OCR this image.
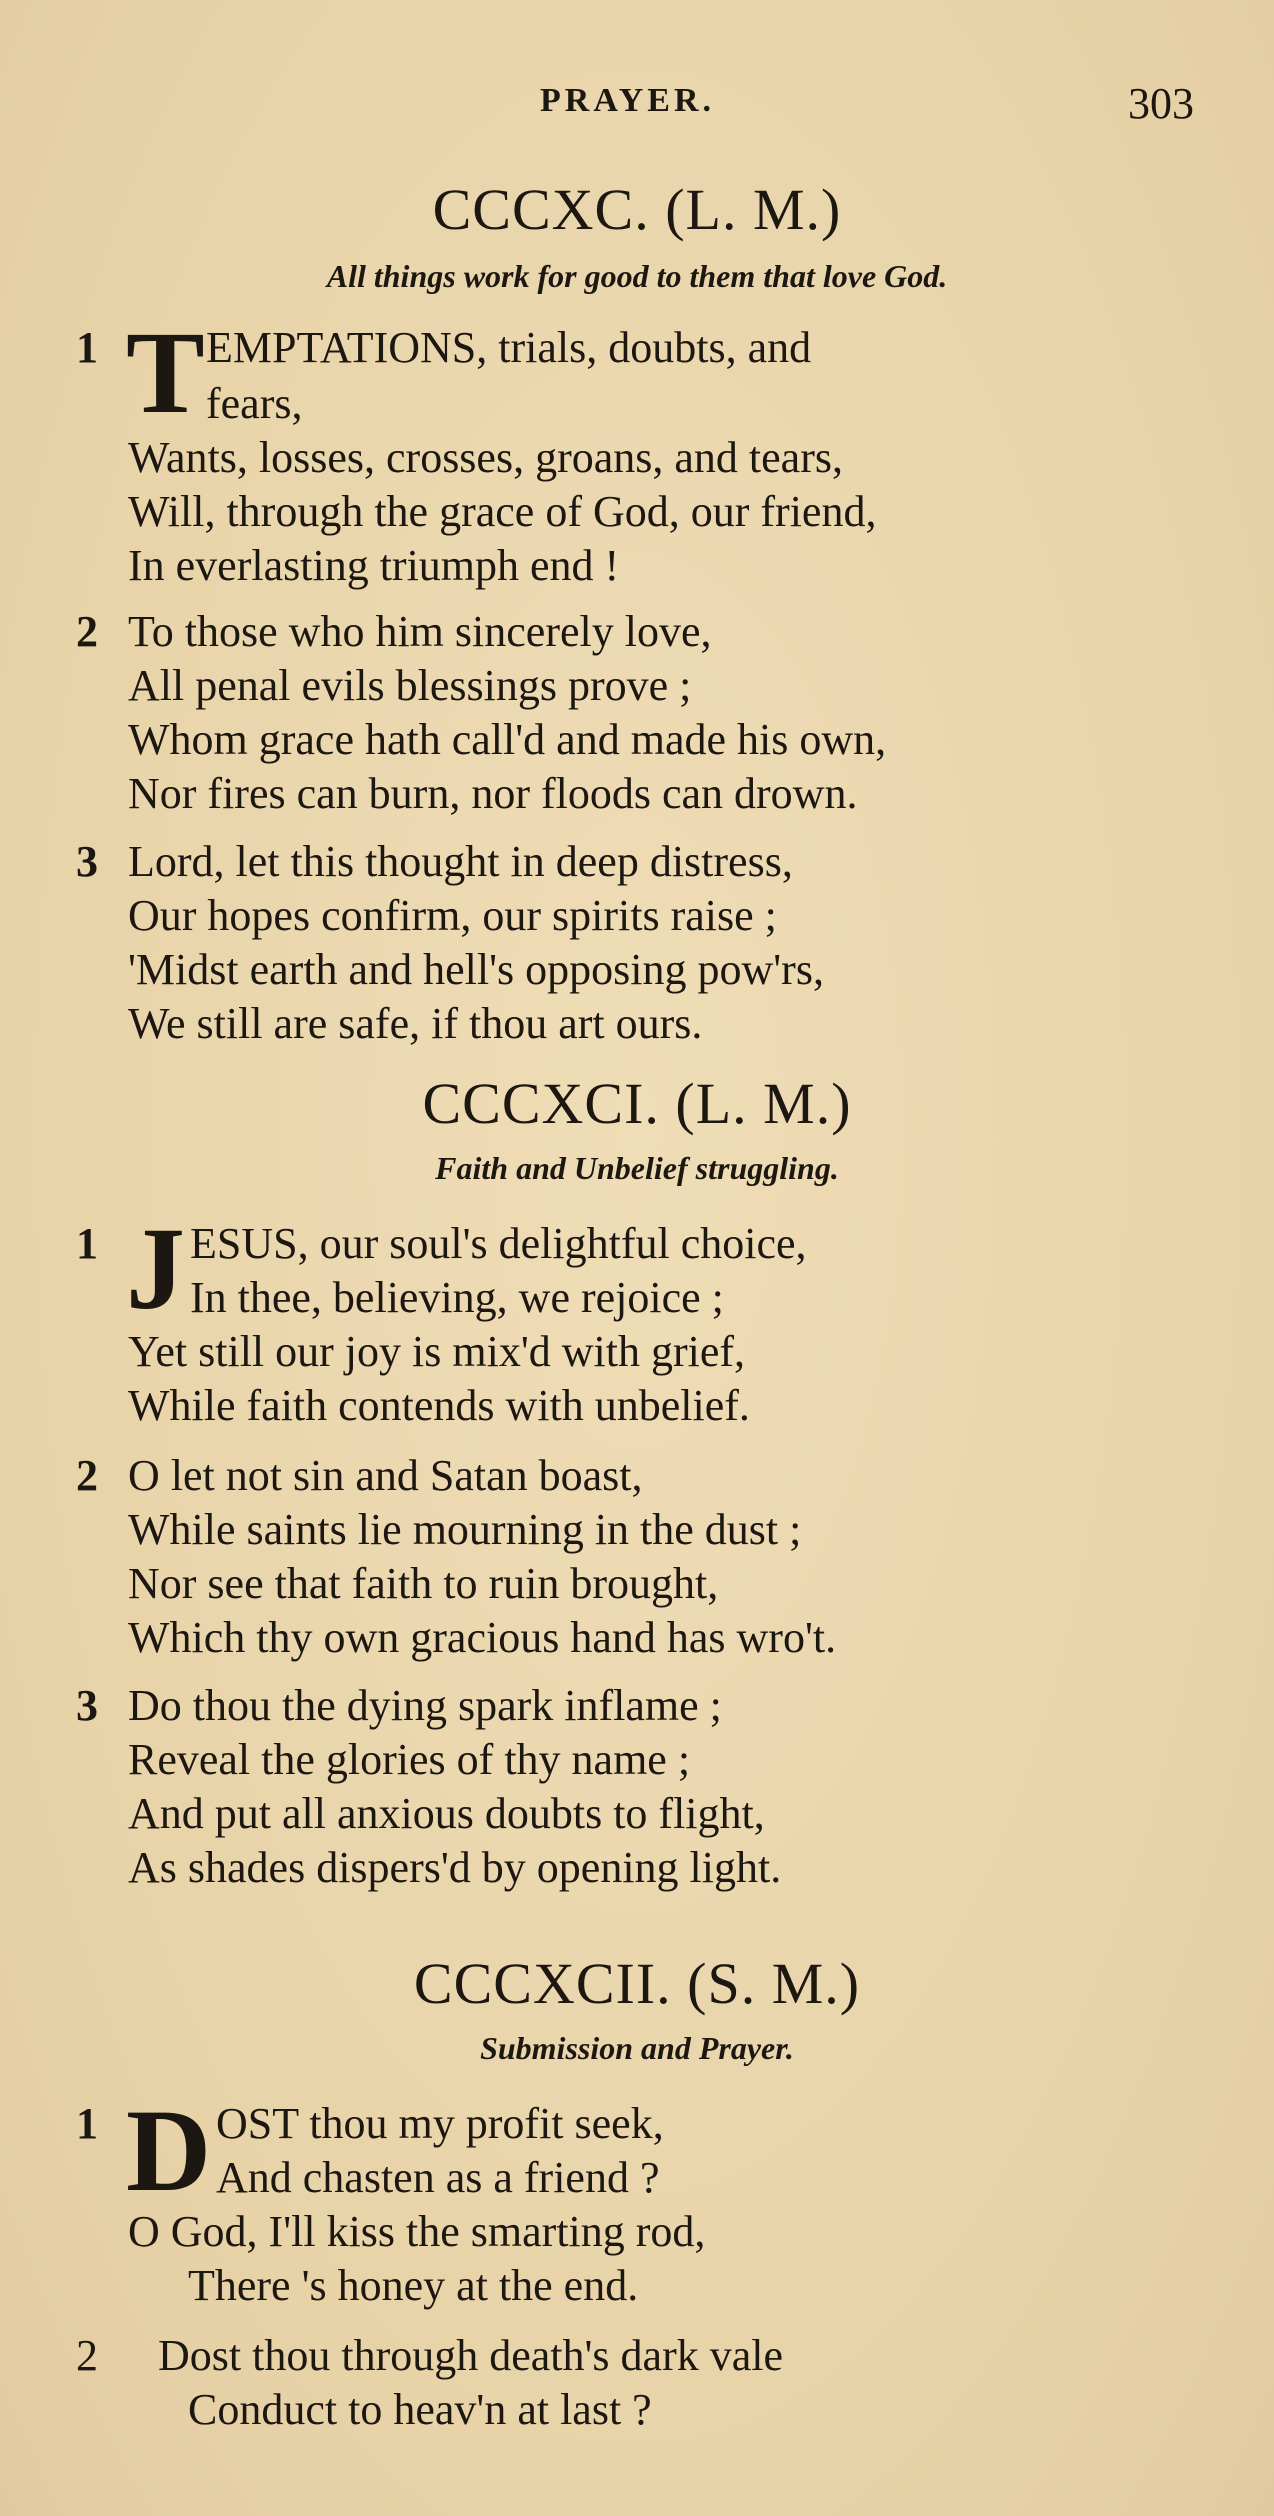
PRAYER.	303
CCCXC. (L. M.)
All things work for good to them that love God.
1 T EMPTATIONS, trials, doubts, and
fears,
Wants, losses, crosses, groans, and tears,
Will, through the grace of God, our friend,
In everlasting triumph end !
2 To those who him sincerely love,
All penal evils blessings prove ;
Whom grace hath call'd and made his own,
Nor fires can burn, nor floods can drown.
3 Lord, let this thought in deep distress,
Our hopes confirm, our spirits raise ;
'Midst earth and hell's opposing pow'rs,
We still are safe, if thou art ours.
CCCXCI. (L. M.)
Faith and Unbelief struggling.
1 J ESUS, our soul's delightful choice,
In thee, believing, we rejoice ;
Yet still our joy is mix'd with grief,
While faith contends with unbelief.
2 O let not sin and Satan boast,
While saints lie mourning in the dust ;
Nor see that faith to ruin brought,
Which thy own gracious hand has wro't.
3 Do thou the dying spark inflame ;
Reveal the glories of thy name ;
And put all anxious doubts to flight,
As shades dispers'd by opening light.
CCCXCII. (S. M.)
Submission and Prayer.
1 D OST thou my profit seek,
And chasten as a friend ?
O God, I'll kiss the smarting rod,
There 's honey at the end.
2 Dost thou through death's dark vale
Conduct to heav'n at last ?
